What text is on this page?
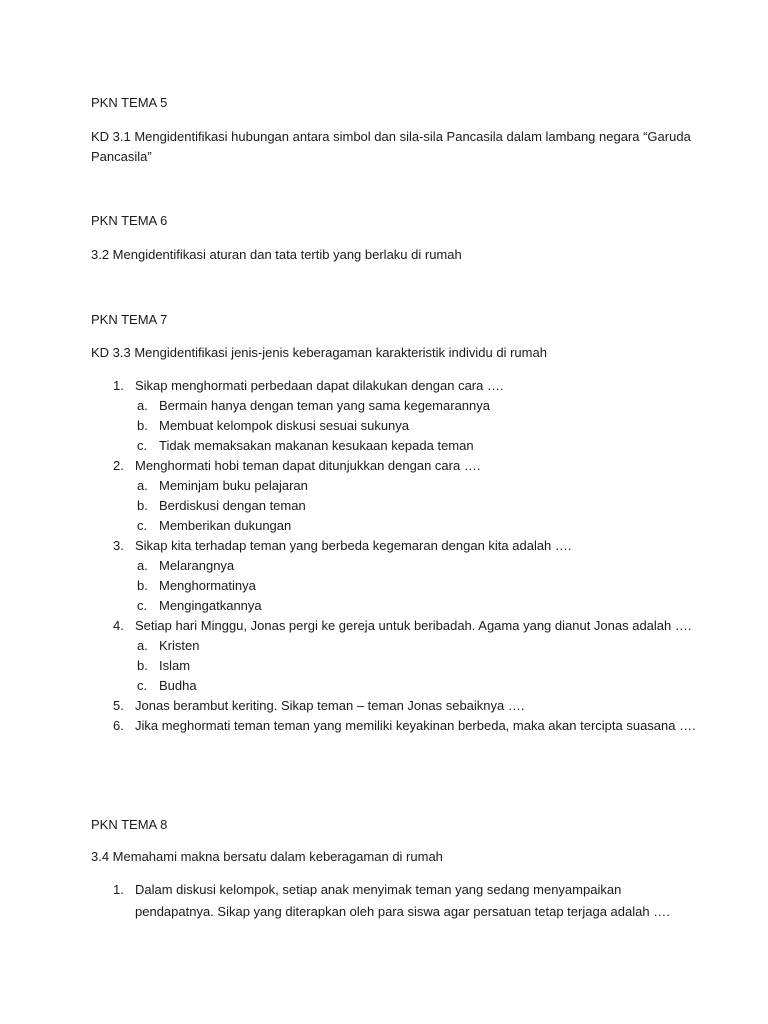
PKN TEMA 5
KD 3.1 Mengidentifikasi hubungan antara simbol dan sila-sila Pancasila dalam lambang negara “Garuda
Pancasila”
PKN TEMA 6
3.2 Mengidentifikasi aturan dan tata tertib yang berlaku di rumah
PKN TEMA 7
KD 3.3 Mengidentifikasi jenis-jenis keberagaman karakteristik individu di rumah
1. Sikap menghormati perbedaan dapat dilakukan dengan cara ….
a. Bermain hanya dengan teman yang sama kegemarannya
b. Membuat kelompok diskusi sesuai sukunya
c. Tidak memaksakan makanan kesukaan kepada teman
2. Menghormati hobi teman dapat ditunjukkan dengan cara ….
a. Meminjam buku pelajaran
b. Berdiskusi dengan teman
c. Memberikan dukungan
3. Sikap kita terhadap teman yang berbeda kegemaran dengan kita adalah ….
a. Melarangnya
b. Menghormatinya
c. Mengingatkannya
4. Setiap hari Minggu, Jonas pergi ke gereja untuk beribadah. Agama yang dianut Jonas adalah ….
a. Kristen
b. Islam
c. Budha
5. Jonas berambut keriting. Sikap teman – teman Jonas sebaiknya ….
6. Jika meghormati teman teman yang memiliki keyakinan berbeda, maka akan tercipta suasana ….
PKN TEMA 8
3.4 Memahami makna bersatu dalam keberagaman di rumah
1. Dalam diskusi kelompok, setiap anak menyimak teman yang sedang menyampaikan
pendapatnya. Sikap yang diterapkan oleh para siswa agar persatuan tetap terjaga adalah ….
